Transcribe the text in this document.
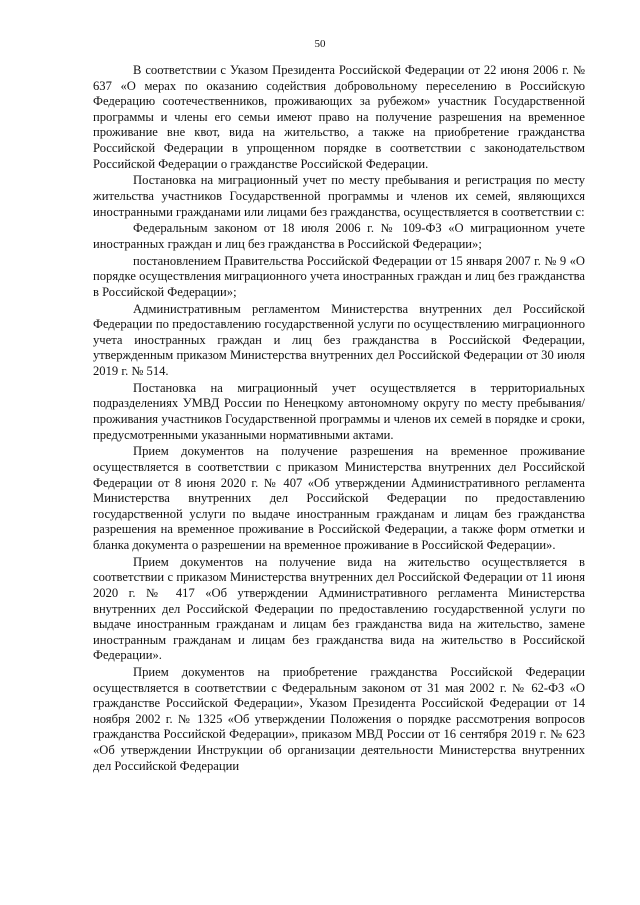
50

В соответствии с Указом Президента Российской Федерации от 22 июня 2006 г. № 637 «О мерах по оказанию содействия добровольному переселению в Российскую Федерацию соотечественников, проживающих за рубежом» участник Государственной программы и члены его семьи имеют право на получение разрешения на временное проживание вне квот, вида на жительство, а также на приобретение гражданства Российской Федерации в упрощенном порядке в соответствии с законодательством Российской Федерации о гражданстве Российской Федерации.

Постановка на миграционный учет по месту пребывания и регистрация по месту жительства участников Государственной программы и членов их семей, являющихся иностранными гражданами или лицами без гражданства, осуществляется в соответствии с:

Федеральным законом от 18 июля 2006 г. № 109-ФЗ «О миграционном учете иностранных граждан и лиц без гражданства в Российской Федерации»;

постановлением Правительства Российской Федерации от 15 января 2007 г. № 9 «О порядке осуществления миграционного учета иностранных граждан и лиц без гражданства в Российской Федерации»;

Административным регламентом Министерства внутренних дел Российской Федерации по предоставлению государственной услуги по осуществлению миграционного учета иностранных граждан и лиц без гражданства в Российской Федерации, утвержденным приказом Министерства внутренних дел Российской Федерации от 30 июля 2019 г. № 514.

Постановка на миграционный учет осуществляется в территориальных подразделениях УМВД России по Ненецкому автономному округу по месту пребывания/проживания участников Государственной программы и членов их семей в порядке и сроки, предусмотренными указанными нормативными актами.

Прием документов на получение разрешения на временное проживание осуществляется в соответствии с приказом Министерства внутренних дел Российской Федерации от 8 июня 2020 г. № 407 «Об утверждении Административного регламента Министерства внутренних дел Российской Федерации по предоставлению государственной услуги по выдаче иностранным гражданам и лицам без гражданства разрешения на временное проживание в Российской Федерации, а также форм отметки и бланка документа о разрешении на временное проживание в Российской Федерации».

Прием документов на получение вида на жительство осуществляется в соответствии с приказом Министерства внутренних дел Российской Федерации от 11 июня 2020 г. № 417 «Об утверждении Административного регламента Министерства внутренних дел Российской Федерации по предоставлению государственной услуги по выдаче иностранным гражданам и лицам без гражданства вида на жительство, замене иностранным гражданам и лицам без гражданства вида на жительство в Российской Федерации».

Прием документов на приобретение гражданства Российской Федерации осуществляется в соответствии с Федеральным законом от 31 мая 2002 г. № 62-ФЗ «О гражданстве Российской Федерации», Указом Президента Российской Федерации от 14 ноября 2002 г. № 1325 «Об утверждении Положения о порядке рассмотрения вопросов гражданства Российской Федерации», приказом МВД России от 16 сентября 2019 г. № 623 «Об утверждении Инструкции об организации деятельности Министерства внутренних дел Российской Федерации
